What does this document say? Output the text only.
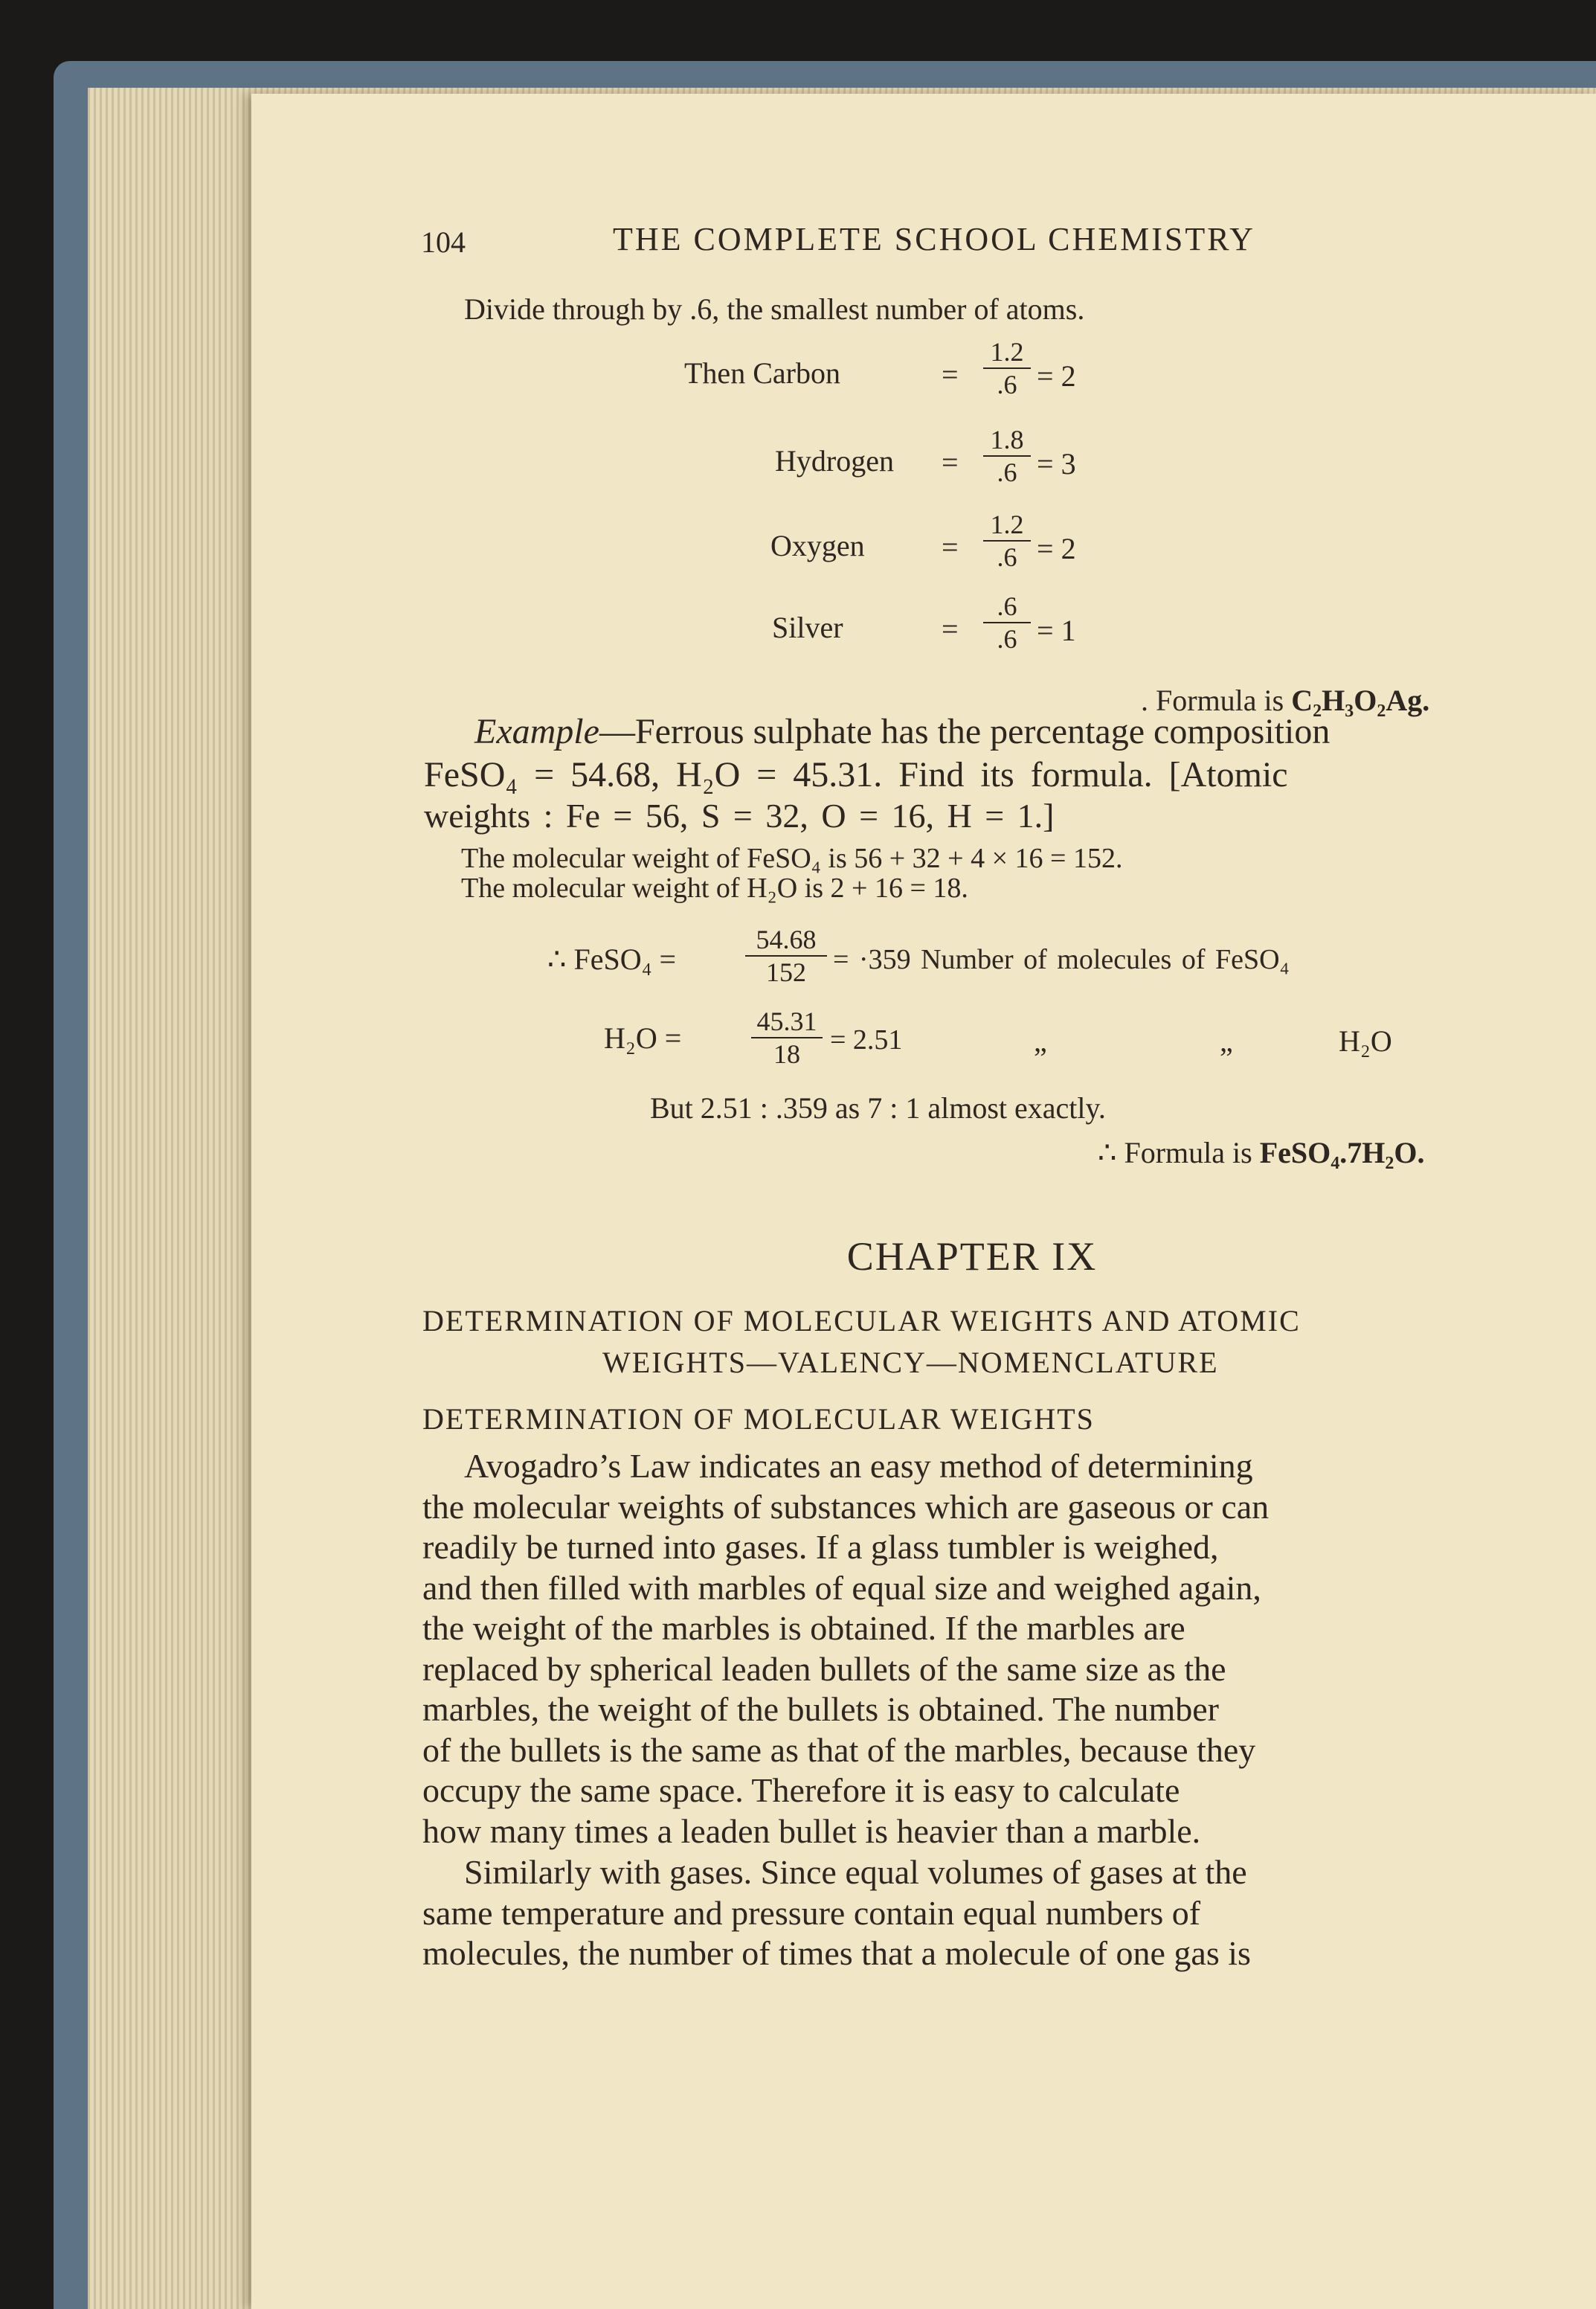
104	THE COMPLETE SCHOOL CHEMISTRY
Divide through by .6, the smallest number of atoms.
Then Carbon	= $\frac{1.2}{.6} = 2$
Hydrogen = $\frac{1.8}{.6} = 3$
Oxygen	= $\frac{1.2}{.6} = 2$
Silver	= $\frac{.6}{.6} = 1$
. Formula is C₂H₃O₂Ag.
Example—Ferrous sulphate has the percentage composition
FeSO₄ = 54.68, H₂O = 45.31. Find its formula. [Atomic
weights : Fe = 56, S = 32, O = 16, H = 1.]
The molecular weight of FeSO₄ is 56 + 32 + 4 × 16 = 152.
The molecular weight of H₂O is 2 + 16 = 18.
∴ FeSO₄ =	$\frac{54.68}{152} = \cdot 359$ Number of molecules of FeSO₄
H₂O =	$\frac{45.31}{18} = 2.51$	„	„	H₂O
But 2.51 : .359 as 7 : 1 almost exactly.
∴ Formula is FeSO₄.7H₂O.
CHAPTER IX
DETERMINATION OF MOLECULAR WEIGHTS AND ATOMIC
WEIGHTS—VALENCY—NOMENCLATURE
DETERMINATION OF MOLECULAR WEIGHTS
Avogadro’s Law indicates an easy method of determining
the molecular weights of substances which are gaseous or can
readily be turned into gases. If a glass tumbler is weighed,
and then filled with marbles of equal size and weighed again,
the weight of the marbles is obtained. If the marbles are
replaced by spherical leaden bullets of the same size as the
marbles, the weight of the bullets is obtained. The number
of the bullets is the same as that of the marbles, because they
occupy the same space. Therefore it is easy to calculate
how many times a leaden bullet is heavier than a marble.
Similarly with gases. Since equal volumes of gases at the
same temperature and pressure contain equal numbers of
molecules, the number of times that a molecule of one gas is
